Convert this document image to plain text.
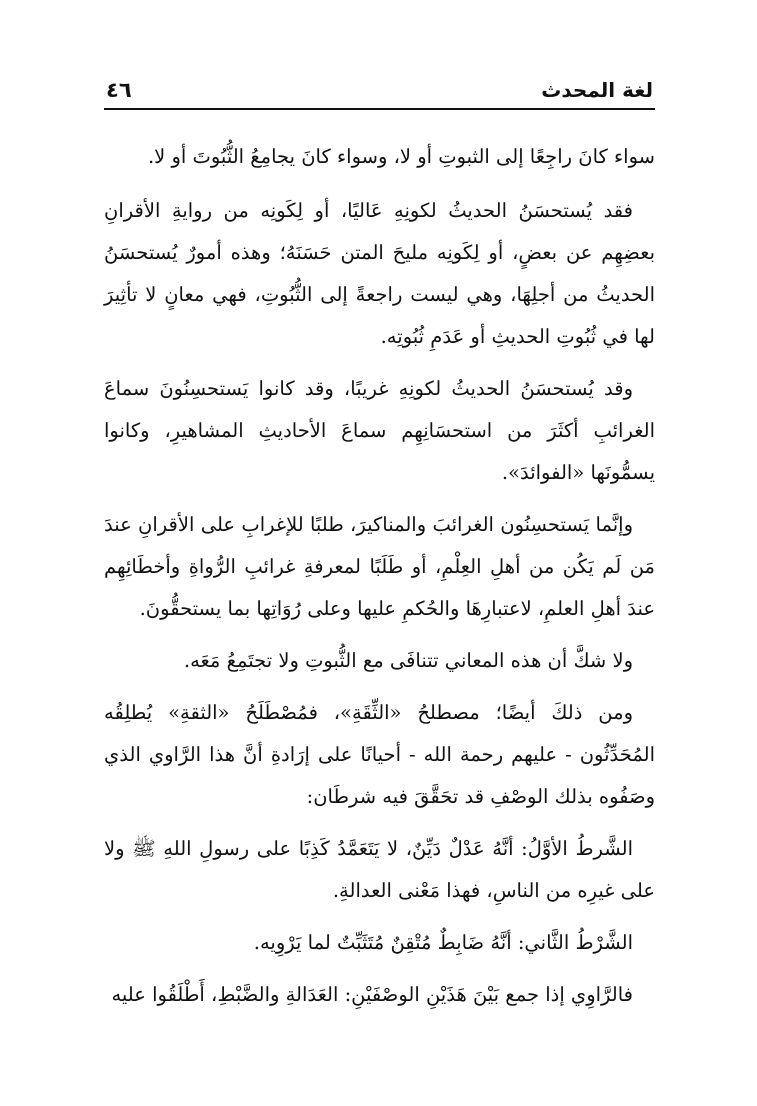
لغة المحدث
٤٦

سواء كانَ راجِعًا إلى الثبوتِ أو لا، وسواء كانَ يجامِعُ الثُّبُوتَ أو لا.

فقد يُستحسَنُ الحديثُ لكونِهِ عَاليًا، أو لِكَونِه من روايةِ الأقرانِ بعضِهِم عن بعضٍ، أو لِكَونِه مليحَ المتن حَسَنَهُ؛ وهذه أمورٌ يُستحسَنُ الحديثُ من أجلِهَا، وهي ليست راجعةً إلى الثُّبُوتِ، فهي معانٍ لا تأثِيرَ لها في ثُبُوتِ الحديثِ أو عَدَمِ ثُبُوتِه.

وقد يُستحسَنُ الحديثُ لكونِهِ غريبًا، وقد كانوا يَستحسِنُونَ سماعَ الغرائبِ أكثَرَ من استحسَانِهِم سماعَ الأحاديثِ المشاهيرِ، وكانوا يسمُّونَها «الفوائدَ».

وإنَّما يَستحسِنُون الغرائبَ والمناكيرَ، طلبًا للإغرابِ على الأقرانِ عندَ مَن لَم يَكُن من أهلِ العِلْمِ، أو طَلَبًا لمعرفةِ غرائبِ الرُّواةِ وأخطَائِهِم عندَ أهلِ العلمِ، لاعتبارِهَا والحُكمِ عليها وعلى رُوَاتِها بما يستحقُّونَ.

ولا شكَّ أن هذه المعاني تتنافَى مع الثُّبوتِ ولا تجتَمِعُ مَعَه.

ومن ذلكَ أيضًا؛ مصطلحُ «الثِّقَةِ»، فمُصْطَلَحُ «الثقةِ» يُطلِقُه المُحَدِّثُون - عليهم رحمة الله - أحيانًا على إرَادةِ أنَّ هذا الرَّاوي الذي وصَفُوه بذلك الوصْفِ قد تحَقَّقَ فيه شرطَان:

الشَّرطُ الأوَّلُ: أنَّهُ عَدْلٌ دَيِّنٌ، لا يَتَعَمَّدُ كَذِبًا على رسولِ اللهِ ﷺ ولا على غيرِه من الناسِ، فهذا مَعْنى العدالةِ.

الشَّرْطُ الثَّاني: أنَّهُ ضَابِطٌ مُتْقِنٌ مُتَثَبِّتٌ لما يَرْوِيه.

فالرَّاوِي إذا جمع بَيْنَ هَذَيْنِ الوصْفَيْنِ: العَدَالةِ والضَّبْطِ، أَطْلَقُوا عليه
